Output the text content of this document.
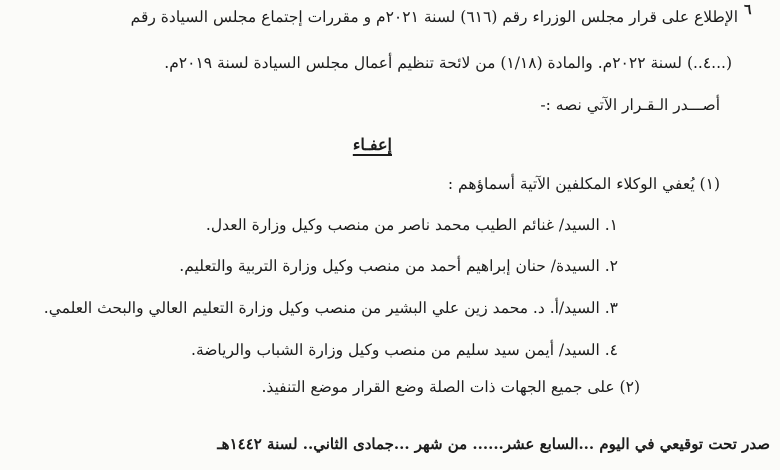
٦
الإطلاع على قرار مجلس الوزراء رقم (٦١٦) لسنة ٢٠٢١م و مقررات إجتماع مجلس السيادة رقم
(...٤..) لسنة ٢٠٢٢م. والمادة (١/١٨) من لائحة تنظيم أعمال مجلس السيادة لسنة ٢٠١٩م.
أصـــدر الـقـرار الآتي نصه :-
إعفـاء
(١) يُعفي الوكلاء المكلفين الآتية أسماؤهم :
١. السيد/ غنائم الطيب محمد ناصر من منصب وكيل وزارة العدل.
٢. السيدة/ حنان إبراهيم أحمد من منصب وكيل وزارة التربية والتعليم.
٣. السيد/أ. د. محمد زين علي البشير من منصب وكيل وزارة التعليم العالي والبحث العلمي.
٤. السيد/ أيمن سيد سليم من منصب وكيل وزارة الشباب والرياضة.
(٢) على جميع الجهات ذات الصلة وضع القرار موضع التنفيذ.
صدر تحت توقيعي في اليوم ...السابع عشر...... من شهر ...جمادى الثاني.. لسنة ١٤٤٢هـ
